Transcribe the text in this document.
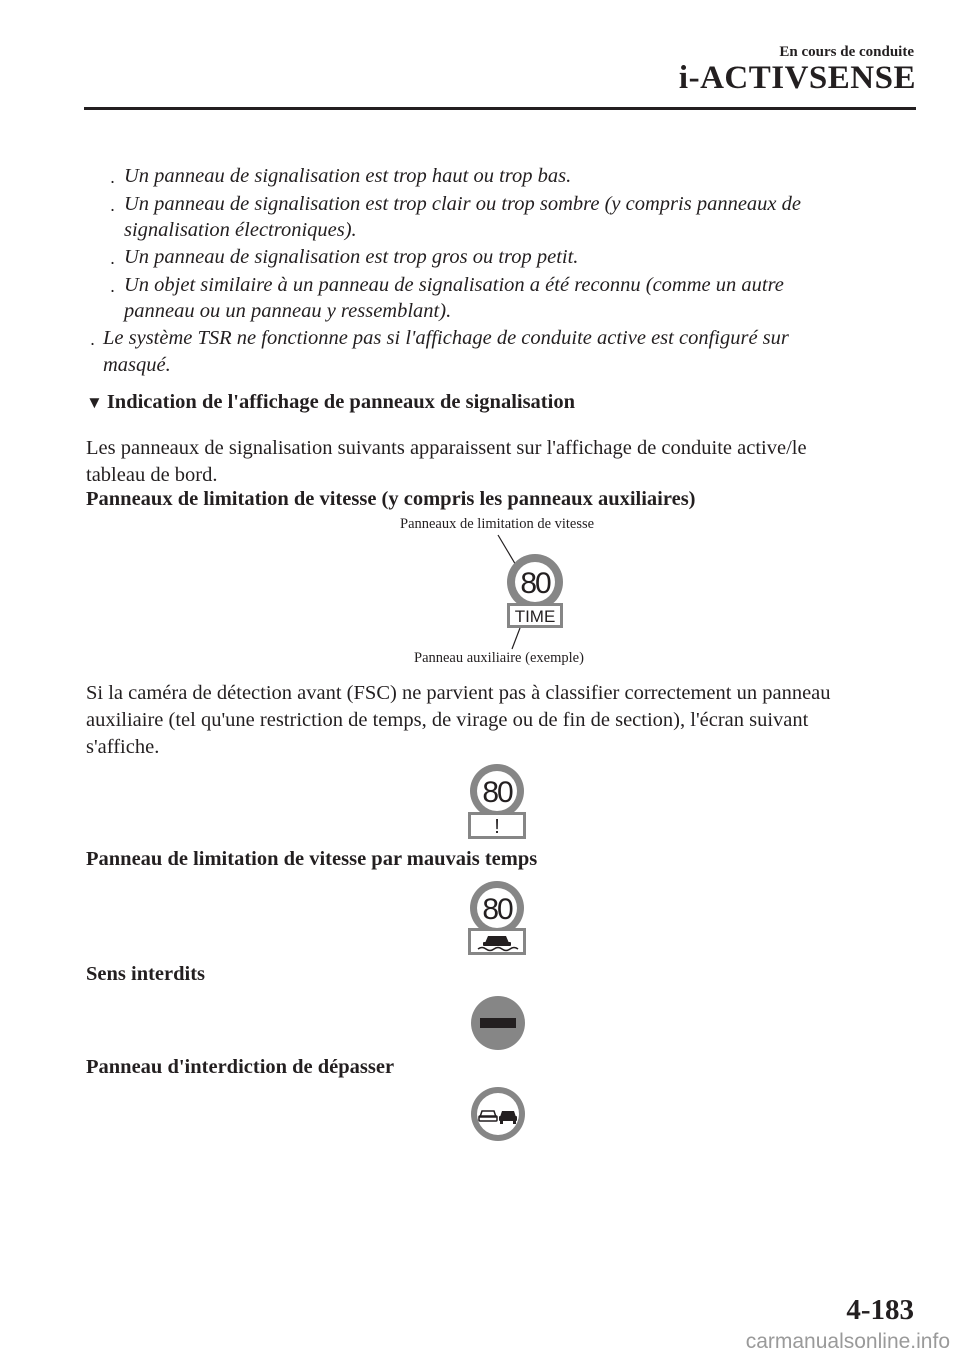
En cours de conduite
i-ACTIVSENSE
· Un panneau de signalisation est trop haut ou trop bas.
· Un panneau de signalisation est trop clair ou trop sombre (y compris panneaux de
signalisation électroniques).
· Un panneau de signalisation est trop gros ou trop petit.
· Un objet similaire à un panneau de signalisation a été reconnu (comme un autre
panneau ou un panneau y ressemblant).
· Le système TSR ne fonctionne pas si l'affichage de conduite active est configuré sur
masqué.
▼ Indication de l'affichage de panneaux de signalisation
Les panneaux de signalisation suivants apparaissent sur l'affichage de conduite active/le
tableau de bord.
Panneaux de limitation de vitesse (y compris les panneaux auxiliaires)
Panneaux de limitation de vitesse
80
TIME
Panneau auxiliaire (exemple)
Si la caméra de détection avant (FSC) ne parvient pas à classifier correctement un panneau
auxiliaire (tel qu'une restriction de temps, de virage ou de fin de section), l'écran suivant
s'affiche.
80
!
Panneau de limitation de vitesse par mauvais temps
80
Sens interdits
Panneau d'interdiction de dépasser
4-183
carmanualsonline.info
